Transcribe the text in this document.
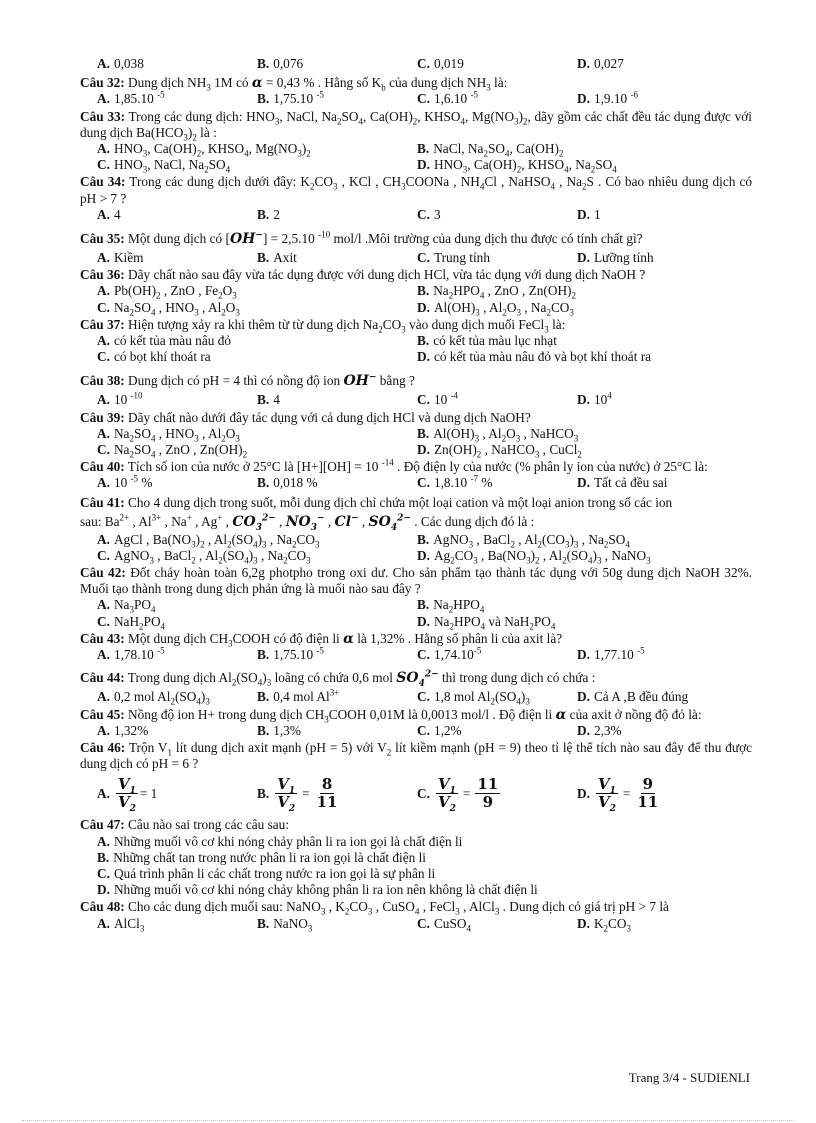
A. 0,038	B. 0,076	C. 0,019	D. 0,027
Câu 32: Dung dịch $NH_3$ 1M có α = 0,43 % . Hằng số $K_b$ của dung dịch $NH_3$ là:
A. 1,85.10 $^{-5}$	B. 1,75.10 $^{-5}$	C. 1,6.10 $^{-5}$	D. 1,9.10 $^{-6}$
Câu 33: Trong các dung dịch: $HNO_3$, NaCl, $Na_2SO_4$, $Ca(OH)_2$, $KHSO_4$, $Mg(NO_3)_2$, dãy gồm các chất đều tác dụng được với dung dịch $Ba(HCO_3)_2$ là :
A. $HNO_3$, $Ca(OH)_2$, $KHSO_4$, $Mg(NO_3)_2$	B. NaCl, $Na_2SO_4$, $Ca(OH)_2$
C. $HNO_3$, NaCl, $Na_2SO_4$	D. $HNO_3$, $Ca(OH)_2$, $KHSO_4$, $Na_2SO_4$
Câu 34: Trong các dung dịch dưới đây: $K_2CO_3$ , KCl , $CH_3COONa$ , $NH_4Cl$ , NaHSO$_4$ , $Na_2S$ . Có bao nhiêu dung dịch có pH > 7 ?
A. 4	B. 2	C. 3	D. 1
Câu 35: Một dung dịch có [OH−] = 2,5.10 $^{-10}$ mol/l .Môi trường của dung dịch thu được có tính chất gì?
A. Kiềm	B. Axit	C. Trung tính	D. Lưỡng tính
Câu 36: Dãy chất nào sau đây vừa tác dụng được với dung dịch HCl, vừa tác dụng với dung dịch NaOH ?
A. $Pb(OH)_2$ , ZnO , $Fe_2O_3$	B. $Na_2HPO_4$ , ZnO , $Zn(OH)_2$
C. $Na_2SO_4$ , $HNO_3$ , $Al_2O_3$	D. $Al(OH)_3$ , $Al_2O_3$ , $Na_2CO_3$
Câu 37: Hiện tượng xảy ra khi thêm từ từ dung dịch $Na_2CO_3$ vào dung dịch muối FeCl$_3$ là:
A. có kết tủa màu nâu đỏ	B. có kết tủa màu lục nhạt
C. có bọt khí thoát ra	D. có kết tủa màu nâu đỏ và bọt khí thoát ra
Câu 38: Dung dịch có pH = 4 thì có nồng độ ion OH− bằng ?
A. 10 $^{-10}$	B. 4	C. 10 $^{-4}$	D. $10^4$
Câu 39: Dãy chất nào dưới đây tác dụng với cả dung dịch HCl và dung dịch NaOH?
A. $Na_2SO_4$ , $HNO_3$ , $Al_2O_3$	B. $Al(OH)_3$ , $Al_2O_3$ , NaHCO$_3$
C. $Na_2SO_4$ , ZnO , $Zn(OH)_2$	D. $Zn(OH)_2$ , NaHCO$_3$ , CuCl$_2$
Câu 40: Tích số ion của nước ở 25°C là [H+][OH] = 10 $^{-14}$ . Độ điện ly của nước (% phân ly ion của nước) ở 25°C là:
A. 10 $^{-5}$ %	B. 0,018 %	C. 1,8.10 $^{-7}$ %	D. Tất cả đều sai
Câu 41: Cho 4 dung dịch trong suốt, mỗi dung dịch chỉ chứa một loại cation và một loại anion trong số các ion
sau: $Ba^{2+}$ , $Al^{3+}$ , Na+ , Ag+ , $CO_3^{2-}$ , $NO_3^-$ , Cl− , $SO_4^{2-}$ . Các dung dịch đó là :
A. AgCl , $Ba(NO_3)_2$ , $Al_2(SO_4)_3$ , $Na_2CO_3$	B. AgNO$_3$ , BaCl$_2$ , $Al_2(CO_3)_3$ , $Na_2SO_4$
C. AgNO$_3$ , BaCl$_2$ , $Al_2(SO_4)_3$ , $Na_2CO_3$	D. $Ag_2CO_3$ , $Ba(NO_3)_2$ , $Al_2(SO_4)_3$ , NaNO$_3$
Câu 42: Đốt cháy hoàn toàn 6,2g photpho trong oxi dư. Cho sản phẩm tạo thành tác dụng với 50g dung dịch NaOH 32%. Muối tạo thành trong dung dịch phản ứng là muối nào sau đây ?
A. $Na_3PO_4$	B. $Na_2HPO_4$
C. $NaH_2PO_4$	D. $Na_2HPO_4$ và $NaH_2PO_4$
Câu 43: Một dung dịch $CH_3COOH$ có độ điện li α là 1,32% . Hằng số phân li của axit là?
A. 1,78.10 $^{-5}$	B. 1,75.10 $^{-5}$	C. $1,74.10^{-5}$	D. 1,77.10 $^{-5}$
Câu 44: Trong dung dịch $Al_2(SO_4)_3$ loãng có chứa 0,6 mol $SO_4^{2-}$ thì trong dung dịch có chứa :
A. 0,2 mol $Al_2(SO_4)_3$	B. 0,4 mol $Al^{3+}$	C. 1,8 mol $Al_2(SO_4)_3$	D. Cả A ,B đều đúng
Câu 45: Nồng độ ion H+ trong dung dịch $CH_3COOH$ 0,01M là 0,0013 mol/l . Độ điện li α của axit ở nồng độ đó là:
A. 1,32%	B. 1,3%	C. 1,2%	D. 2,3%
Câu 46: Trộn $V_1$ lít dung dịch axit mạnh (pH = 5) với $V_2$ lít kiềm mạnh (pH = 9) theo tỉ lệ thể tích nào sau đây để thu được dung dịch có pH = 6 ?
A. $\frac{V_1}{V_2} = 1$	B. $\frac{V_1}{V_2} = \frac{8}{11}$	C. $\frac{V_1}{V_2} = \frac{11}{9}$	D. $\frac{V_1}{V_2} = \frac{9}{11}$
Câu 47: Câu nào sai trong các câu sau:
A. Những muối vô cơ khi nóng chảy phân li ra ion gọi là chất điện li
B. Những chất tan trong nước phân li ra ion gọi là chất điện li
C. Quá trình phân li các chất trong nước ra ion gọi là sự phân li
D. Những muối vô cơ khi nóng chảy không phân li ra ion nên không là chất điện li
Câu 48: Cho các dung dịch muối sau: NaNO$_3$ , $K_2CO_3$ , CuSO$_4$ , FeCl$_3$ , AlCl$_3$ . Dung dịch có giá trị pH > 7 là
A. AlCl$_3$	B. NaNO$_3$	C. CuSO$_4$	D. $K_2CO_3$
Trang 3/4 - SUDIENLI
